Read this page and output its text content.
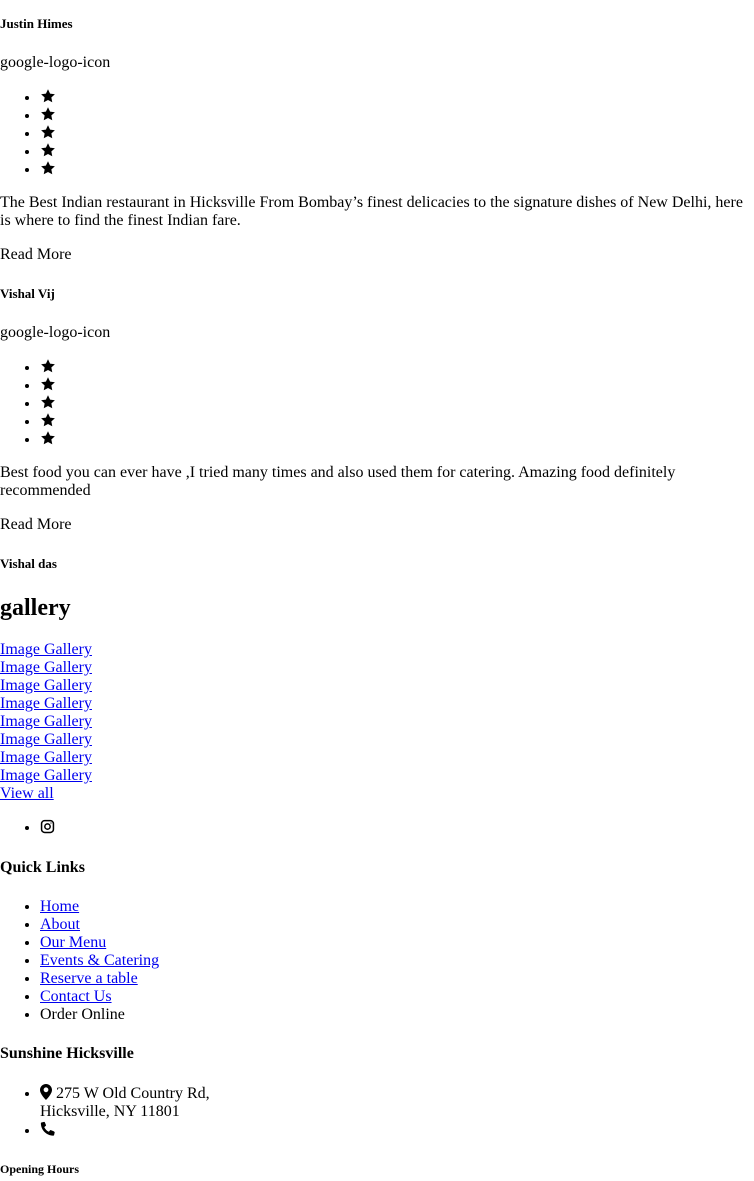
Justin Himes
google-logo-icon
•
•
•
•
•

The Best Indian restaurant in Hicksville From Bombay’s finest delicacies to the signature dishes of New Delhi, here is where to find the finest Indian fare.

Read More
Vishal Vij
google-logo-icon
•
•
•
•
•

Best food you can ever have ,I tried many times and also used them for catering. Amazing food definitely recommended

Read More
Vishal das
gallery
Image Gallery
Image Gallery
Image Gallery
Image Gallery
Image Gallery
Image Gallery
Image Gallery
Image Gallery
View all
•
Quick Links
• Home
• About
• Our Menu
• Events & Catering
• Reserve a table
• Contact Us
• Order Online
Sunshine Hicksville
• 275 W Old Country Rd,
Hicksville, NY 11801
•
Opening Hours
